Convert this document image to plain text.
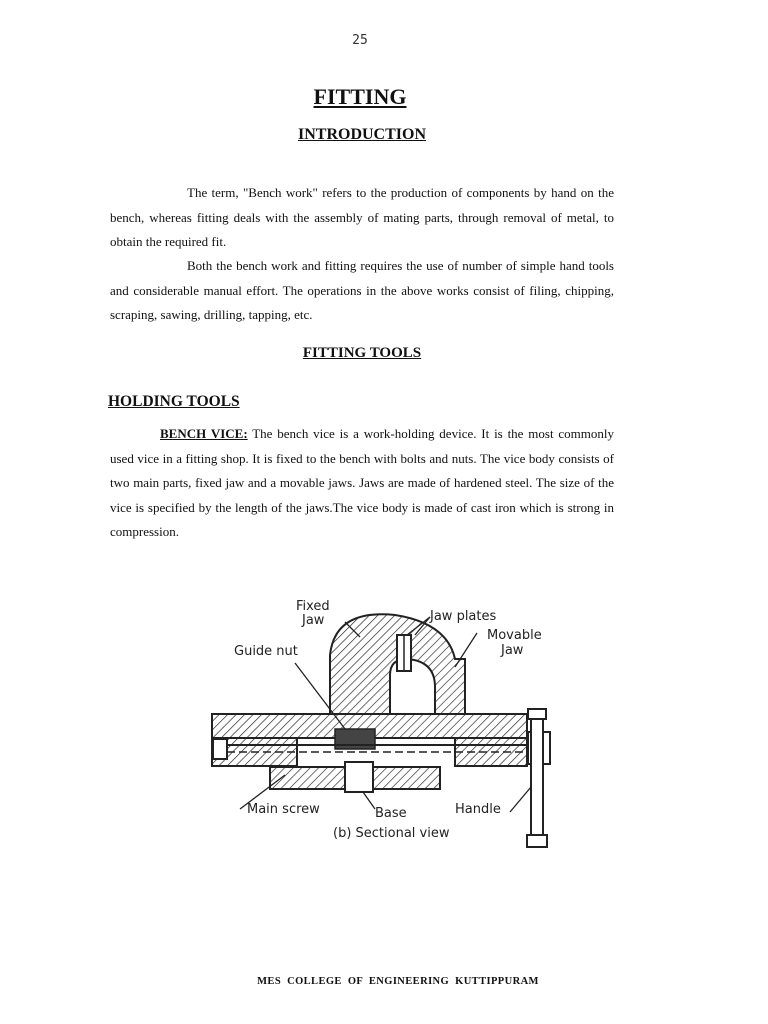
25
FITTING
INTRODUCTION

The term, "Bench work" refers to the production of components by hand on the bench, whereas fitting deals with the assembly of mating parts, through removal of metal, to obtain the required fit.

Both the bench work and fitting requires the use of number of simple hand tools and considerable manual effort. The operations in the above works consist of filing, chipping, scraping, sawing, drilling, tapping, etc.

FITTING TOOLS
HOLDING TOOLS

BENCH VICE: The bench vice is a work-holding device. It is the most commonly used vice in a fitting shop. It is fixed to the bench with bolts and nuts. The vice body consists of two main parts, fixed jaw and a movable jaws. Jaws are made of hardened steel. The size of the vice is specified by the length of the jaws.The vice body is made of cast iron which is strong in compression.

Fixed
Jaw	Jaw plates
Movable
Jaw
Guide nut
Main screw	Base	Handle
(b) Sectional view
MES COLLEGE OF ENGINEERING KUTTIPPURAM
